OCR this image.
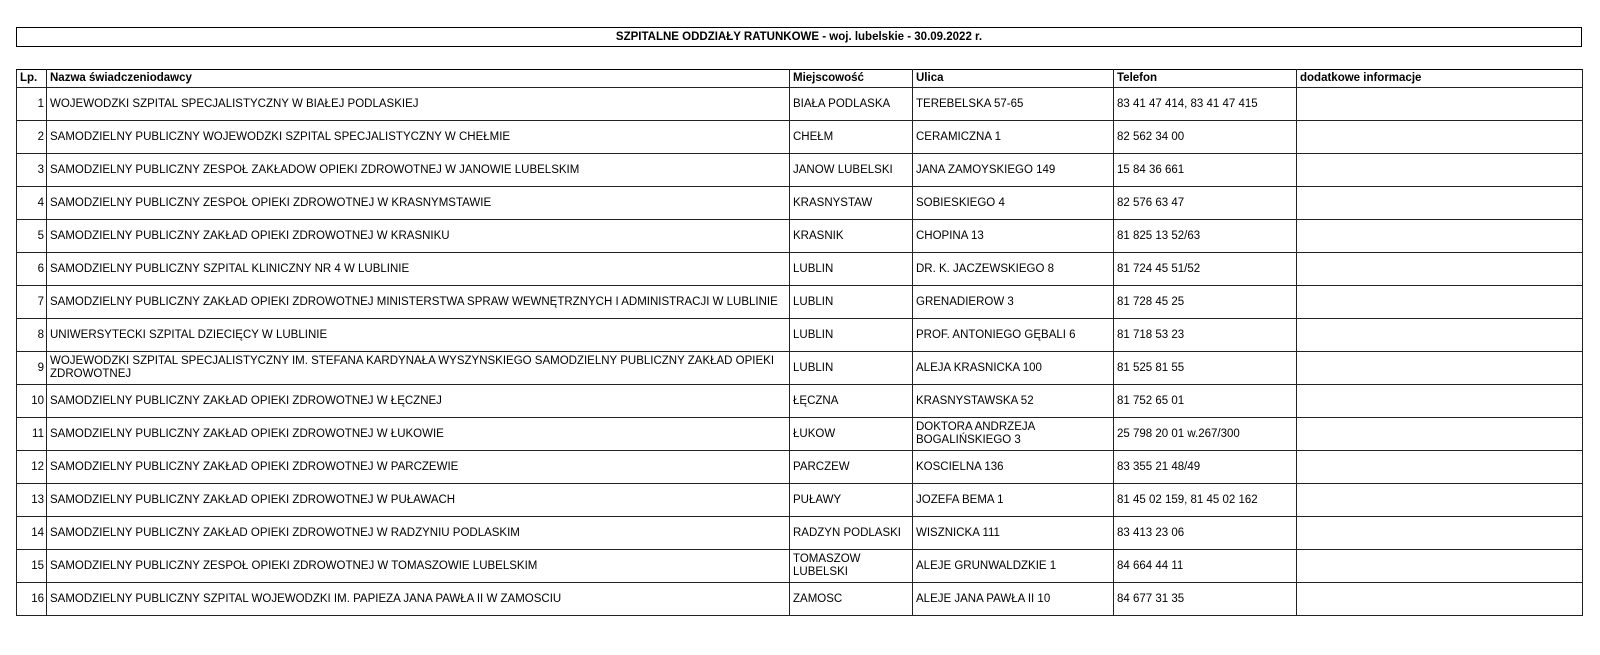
SZPITALNE ODDZIAŁY RATUNKOWE - woj. lubelskie - 30.09.2022 r.
Lp.	Nazwa świadczeniodawcy	Miejscowość	Ulica	Telefon	dodatkowe informacje
1	WOJEWÓDZKI SZPITAL SPECJALISTYCZNY W BIAŁEJ PODLASKIEJ	BIAŁA PODLASKA	TEREBELSKA 57-65	83 41 47 414, 83 41 47 415	
2	SAMODZIELNY PUBLICZNY WOJEWÓDZKI SZPITAL SPECJALISTYCZNY W CHEŁMIE	CHEŁM	CERAMICZNA 1	82 562 34 00	
3	SAMODZIELNY PUBLICZNY ZESPÓŁ ZAKŁADÓW OPIEKI ZDROWOTNEJ W JANOWIE LUBELSKIM	JANÓW LUBELSKI	JANA ZAMOYSKIEGO 149	15 84 36 661	
4	SAMODZIELNY PUBLICZNY ZESPÓŁ OPIEKI ZDROWOTNEJ W KRASNYMSTAWIE	KRASNYSTAW	SOBIESKIEGO 4	82 576 63 47	
5	SAMODZIELNY PUBLICZNY ZAKŁAD OPIEKI ZDROWOTNEJ W KRAŚNIKU	KRAŚNIK	CHOPINA 13	81 825 13 52/63	
6	SAMODZIELNY PUBLICZNY SZPITAL KLINICZNY NR 4 W LUBLINIE	LUBLIN	DR. K. JACZEWSKIEGO 8	81 724 45 51/52	
7	SAMODZIELNY PUBLICZNY ZAKŁAD OPIEKI ZDROWOTNEJ MINISTERSTWA SPRAW WEWNĘTRZNYCH I ADMINISTRACJI W LUBLINIE	LUBLIN	GRENADIERÓW 3	81 728 45 25	
8	UNIWERSYTECKI SZPITAL DZIECIĘCY W LUBLINIE	LUBLIN	PROF. ANTONIEGO GĘBALI 6	81 718 53 23	
9	WOJEWÓDZKI SZPITAL SPECJALISTYCZNY IM. STEFANA KARDYNAŁA WYSZYŃSKIEGO SAMODZIELNY PUBLICZNY ZAKŁAD OPIEKI ZDROWOTNEJ	LUBLIN	ALEJA KRAŚNICKA 100	81 525 81 55	
10	SAMODZIELNY PUBLICZNY ZAKŁAD OPIEKI ZDROWOTNEJ W ŁĘCZNEJ	ŁĘCZNA	KRASNYSTAWSKA 52	81 752 65 01	
11	SAMODZIELNY PUBLICZNY ZAKŁAD OPIEKI ZDROWOTNEJ W ŁUKOWIE	ŁUKÓW	DOKTORA ANDRZEJA BOGALIŃSKIEGO 3	25 798 20 01 w.267/300	
12	SAMODZIELNY PUBLICZNY ZAKŁAD OPIEKI ZDROWOTNEJ W PARCZEWIE	PARCZEW	KOŚCIELNA 136	83 355 21 48/49	
13	SAMODZIELNY PUBLICZNY ZAKŁAD OPIEKI ZDROWOTNEJ W PUŁAWACH	PUŁAWY	JÓZEFA BEMA 1	81 45 02 159, 81 45 02 162	
14	SAMODZIELNY PUBLICZNY ZAKŁAD OPIEKI ZDROWOTNEJ W RADZYNIU PODLASKIM	RADZYŃ PODLASKI	WISZNICKA 111	83 413 23 06	
15	SAMODZIELNY PUBLICZNY ZESPÓŁ OPIEKI ZDROWOTNEJ W TOMASZOWIE LUBELSKIM	TOMASZÓW LUBELSKI	ALEJE GRUNWALDZKIE 1	84 664 44 11	
16	SAMODZIELNY PUBLICZNY SZPITAL WOJEWÓDZKI IM. PAPIEŻA JANA PAWŁA II W ZAMOŚCIU	ZAMOŚĆ	ALEJE JANA PAWŁA II 10	84 677 31 35	
